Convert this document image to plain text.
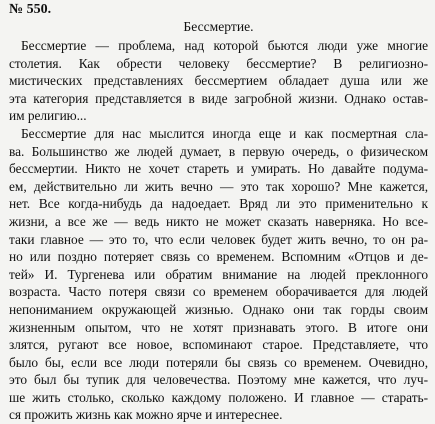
№ 550.
Бессмертие.
Бессмертие — проблема, над которой бьются люди уже многие
столетия. Как обрести человеку бессмертие? В религиозно-
мистических представлениях бессмертием обладает душа или же
эта категория представляется в виде загробной жизни. Однако остав-
им религию...
Бессмертие для нас мыслится иногда еще и как посмертная сла-
ва. Большинство же людей думает, в первую очередь, о физическом
бессмертии. Никто не хочет стареть и умирать. Но давайте подума-
ем, действительно ли жить вечно — это так хорошо? Мне кажется,
нет. Все когда-нибудь да надоедает. Вряд ли это применительно к
жизни, а все же — ведь никто не может сказать наверняка. Но все-
таки главное — это то, что если человек будет жить вечно, то он ра-
но или поздно потеряет связь со временем. Вспомним «Отцов и де-
тей» И. Тургенева или обратим внимание на людей преклонного
возраста. Часто потеря связи со временем оборачивается для людей
непониманием окружающей жизнью. Однако они так горды своим
жизненным опытом, что не хотят признавать этого. В итоге они
злятся, ругают все новое, вспоминают старое. Представляете, что
было бы, если все люди потеряли бы связь со временем. Очевидно,
это был бы тупик для человечества. Поэтому мне кажется, что луч-
ше жить столько, сколько каждому положено. И главное — старать-
ся прожить жизнь как можно ярче и интереснее.
